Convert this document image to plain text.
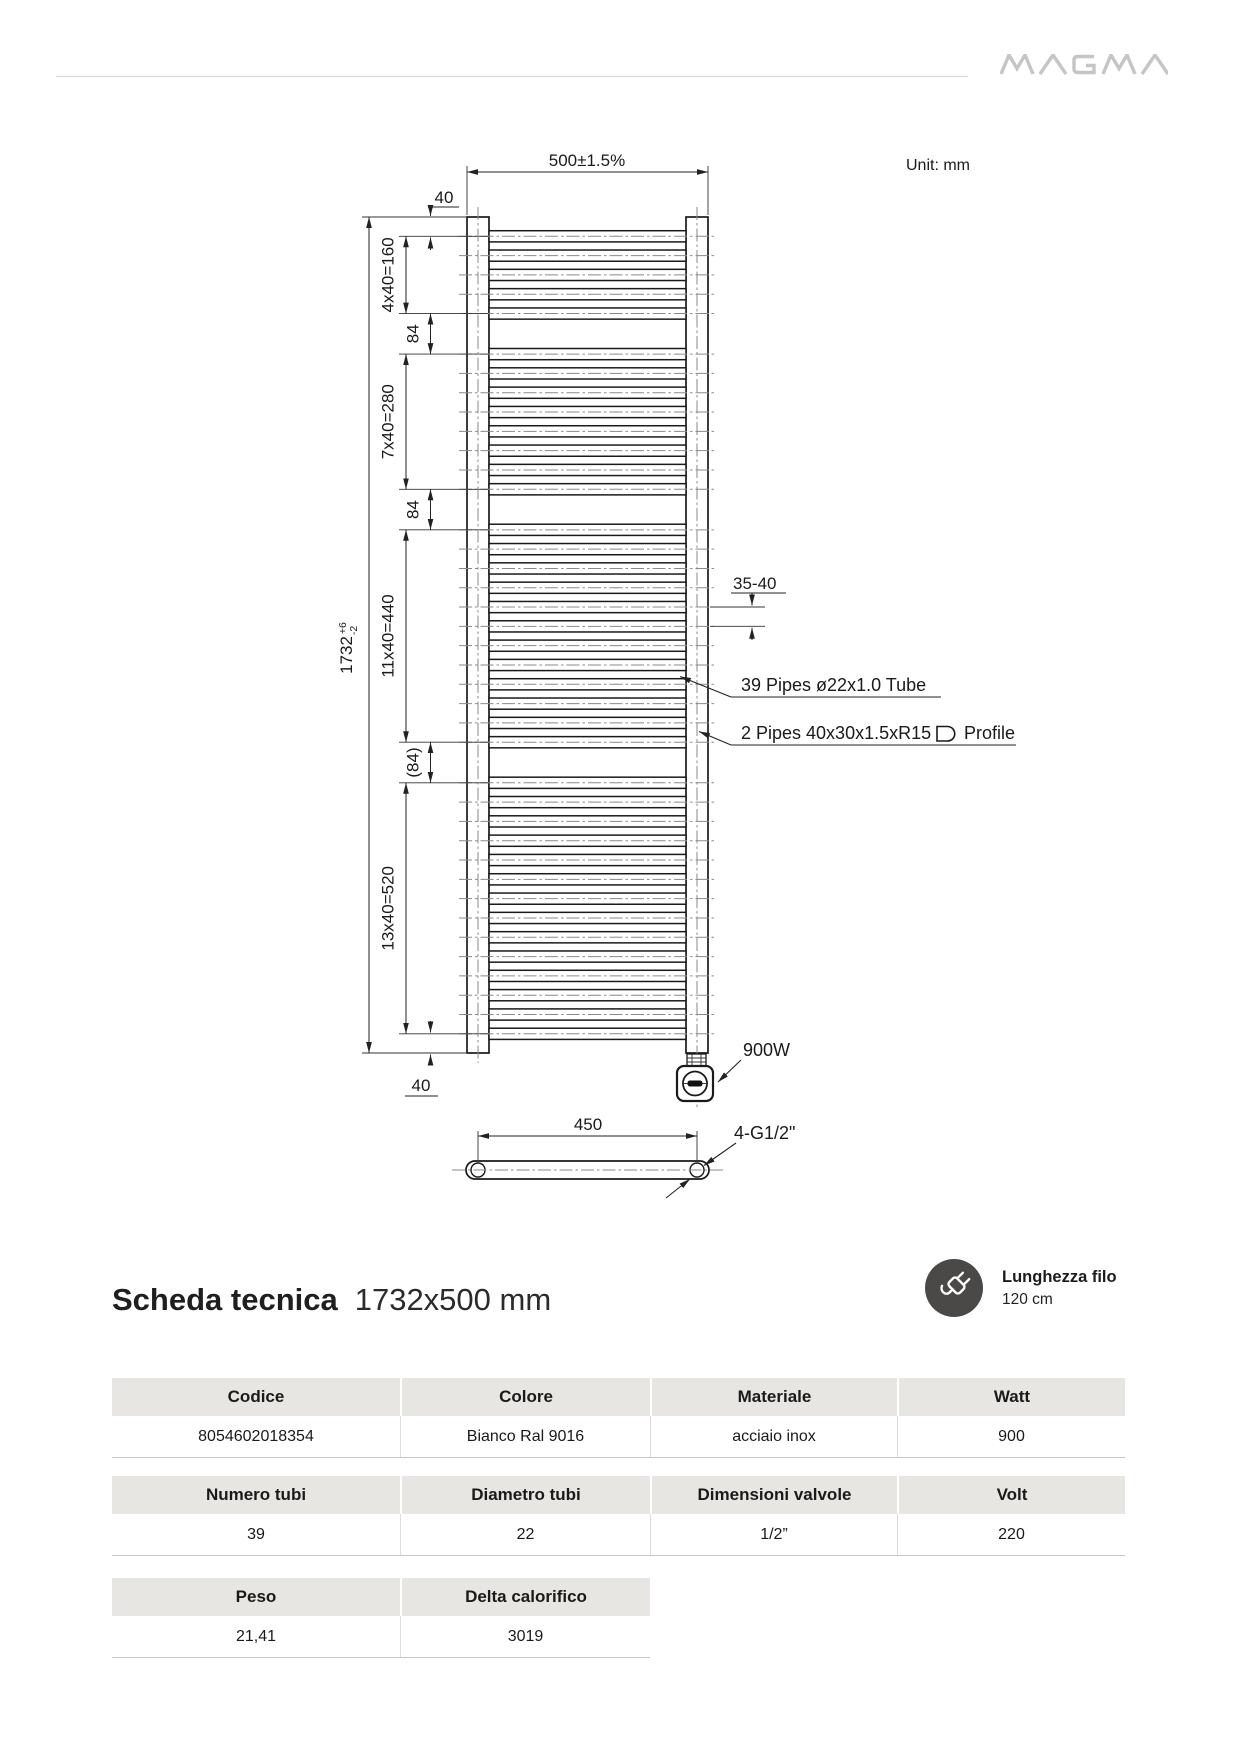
Unit: mm
500±1.5%
40
$1732^{+6}-2$
4x40=160
7x40=280
11x40=440
13x40=520
84
84
(84)
40
35-40
39 Pipes ø22x1.0 Tube
2 Pipes 40x30x1.5xR15 Profile
900W
450	4-G1/2"
Scheda tecnica 1732x500 mm
Lunghezza filo
120 cm
Codice	Colore	Materiale	Watt
8054602018354	Bianco Ral 9016	acciaio inox	900
Numero tubi	Diametro tubi	Dimensioni valvole	Volt
39	22	1/2”	220
Peso	Delta calorifico
21,41	3019
